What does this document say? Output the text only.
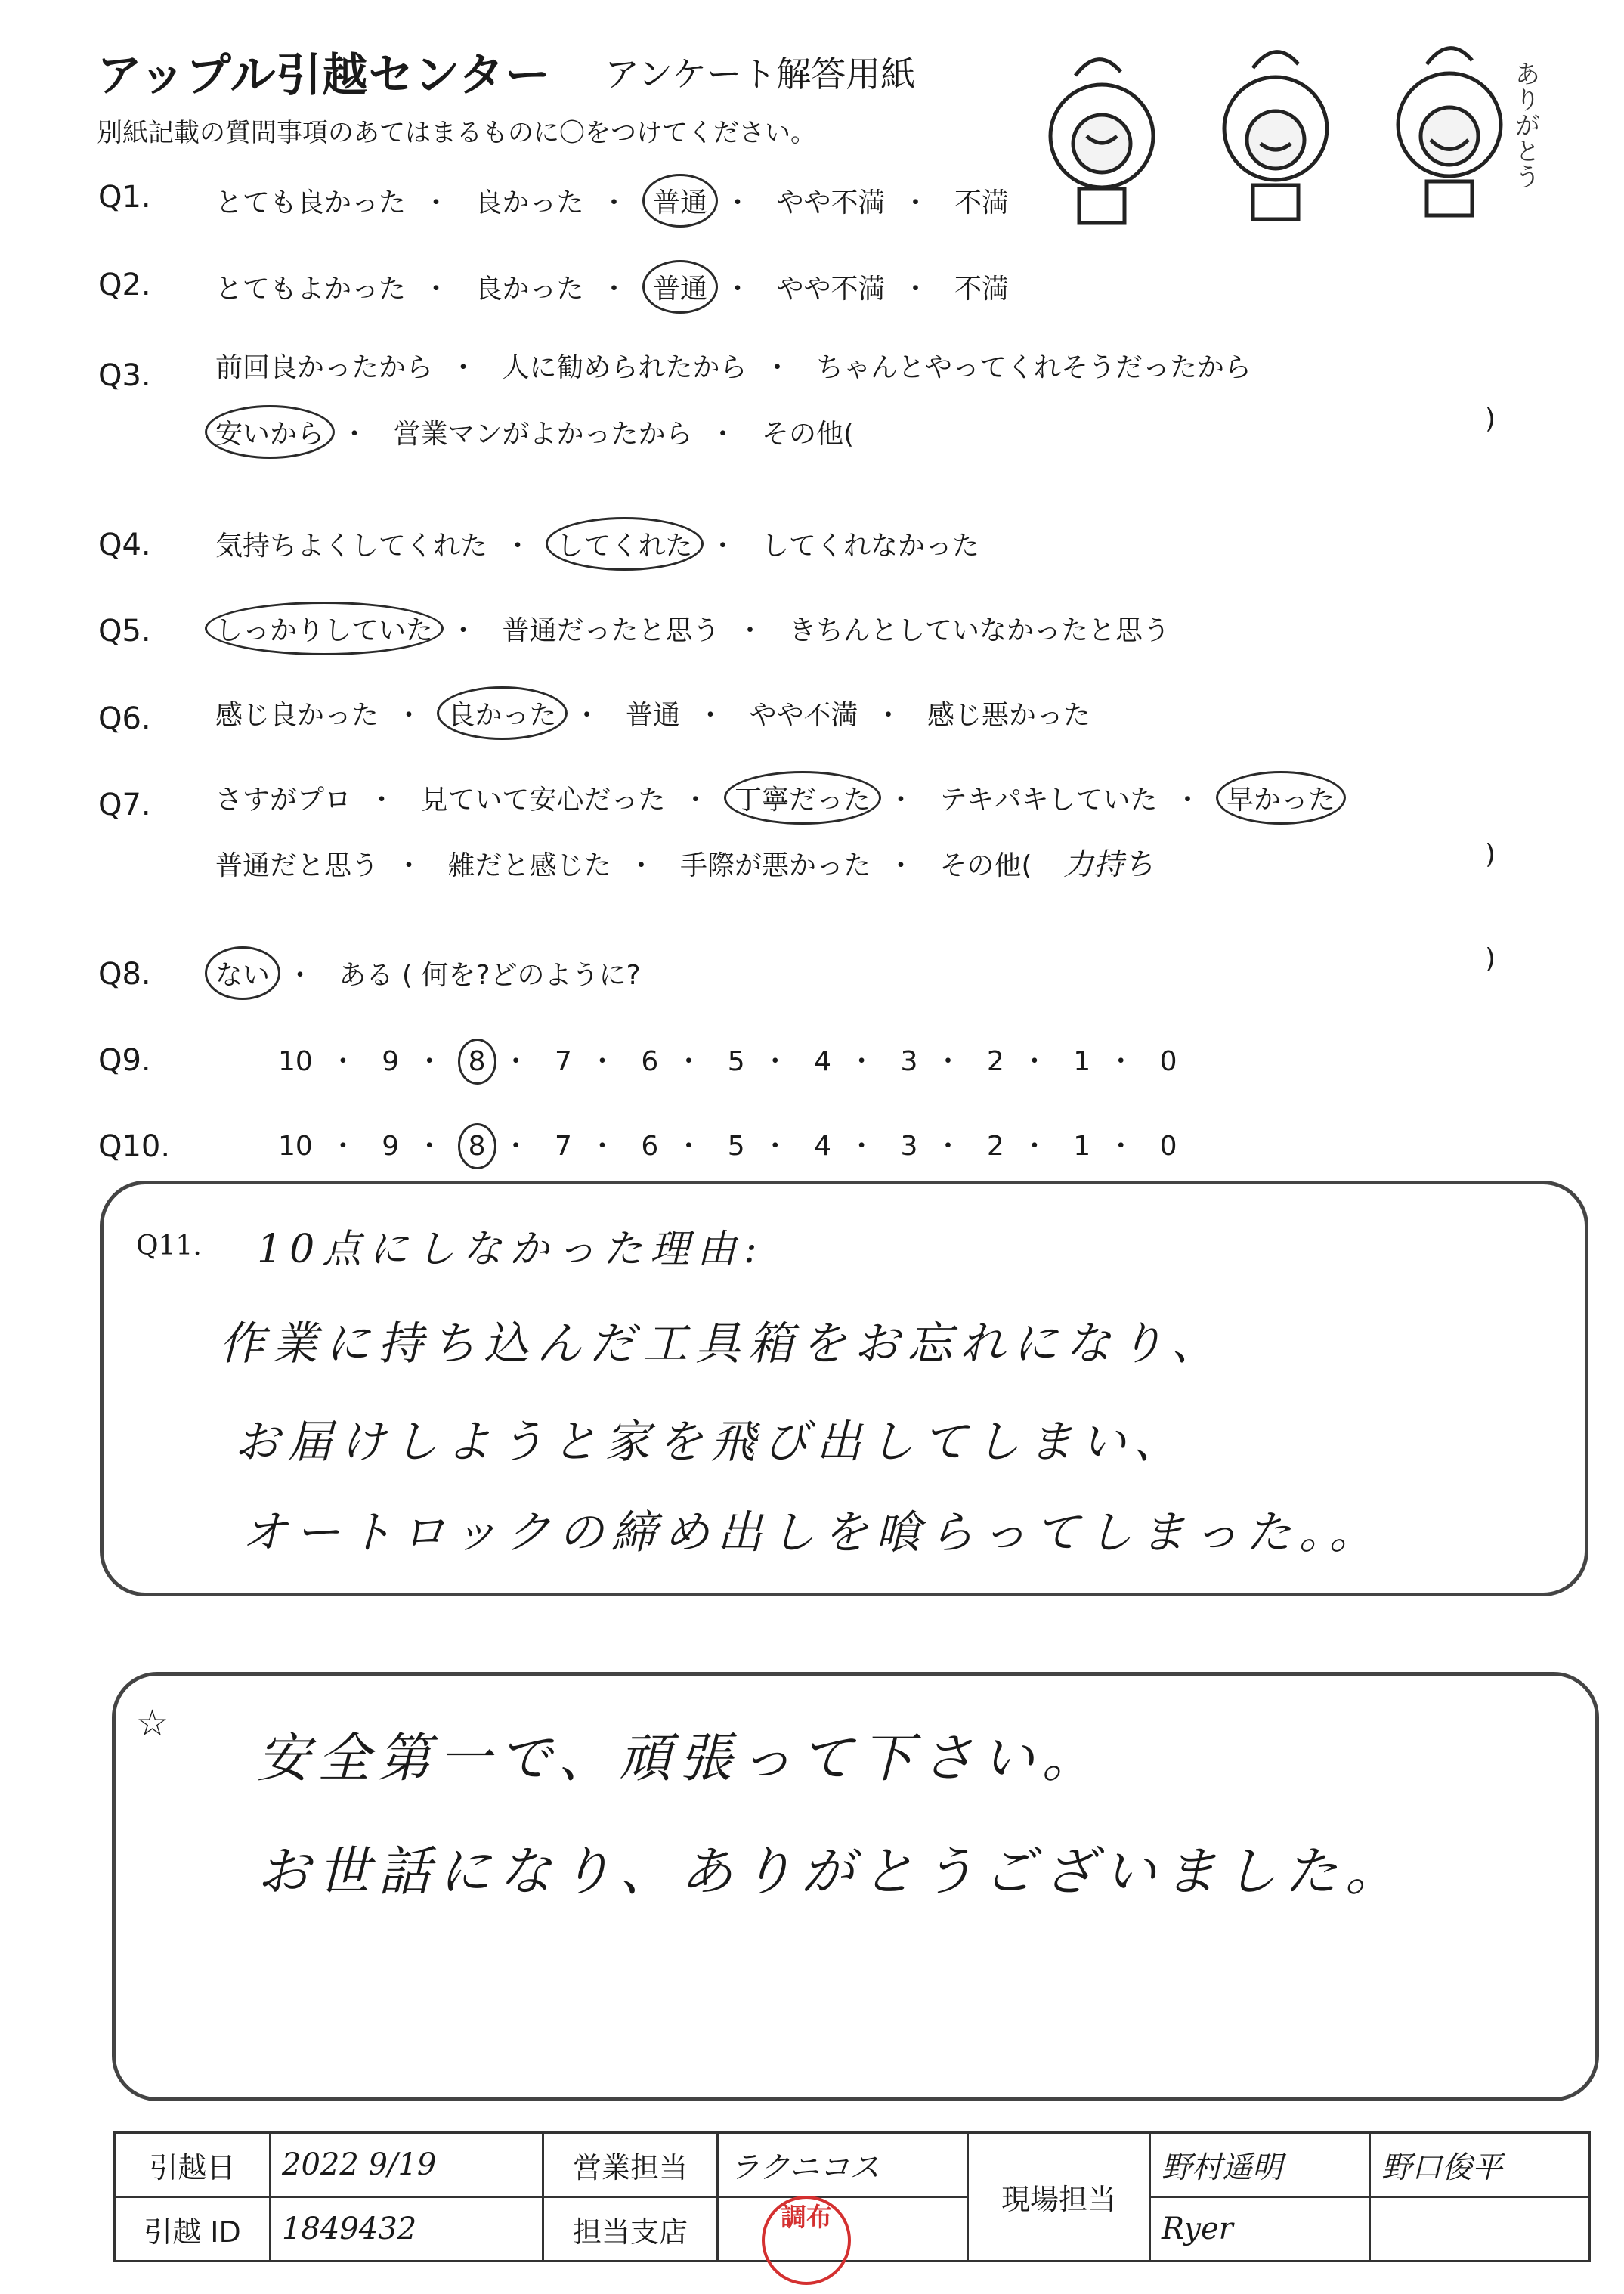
アップル引越センター アンケート解答用紙
別紙記載の質問事項のあてはまるものに〇をつけてください。	ありがとう
Q1. とても良かった ・ 良かった ・ 普通 ・ やや不満 ・ 不満
Q2. とてもよかった ・ 良かった ・ 普通 ・ やや不満 ・ 不満
Q3. 前回良かったから ・ 人に勧められたから ・ ちゃんとやってくれそうだったから
安いから ・ 営業マンがよかったから ・ その他(	)
Q4. 気持ちよくしてくれた ・ してくれた ・ してくれなかった
Q5. しっかりしていた ・ 普通だったと思う ・ きちんとしていなかったと思う
Q6. 感じ良かった ・ 良かった ・ 普通 ・ やや不満 ・ 感じ悪かった
Q7. さすがプロ ・ 見ていて安心だった ・ 丁寧だった ・ テキパキしていた ・ 早かった
普通だと思う ・ 雑だと感じた ・ 手際が悪かった ・ その他( 力持ち	)
Q8. ない ・ ある ( 何を?どのように?
)
Q9.	10 ・ 9 ・ 8 ・ 7 ・ 6 ・ 5 ・ 4 ・ 3 ・ 2 ・ 1 ・ 0
Q10.	10 ・ 9 ・ 8 ・ 7 ・ 6 ・ 5 ・ 4 ・ 3 ・ 2 ・ 1 ・ 0
Q11. 10点にしなかった理由:
作業に持ち込んだ工具箱をお忘れになり、
お届けしようと家を飛び出してしまい、
オートロックの締め出しを喰らってしまった。。
☆
安全第一で、頑張って下さい。
お世話になり、ありがとうございました。
引越日	2022 9/19	営業担当	ラクニコス	現場担当	野村遥明	野口俊平
引越 ID	1849432	担当支店			Ryer	
調布
